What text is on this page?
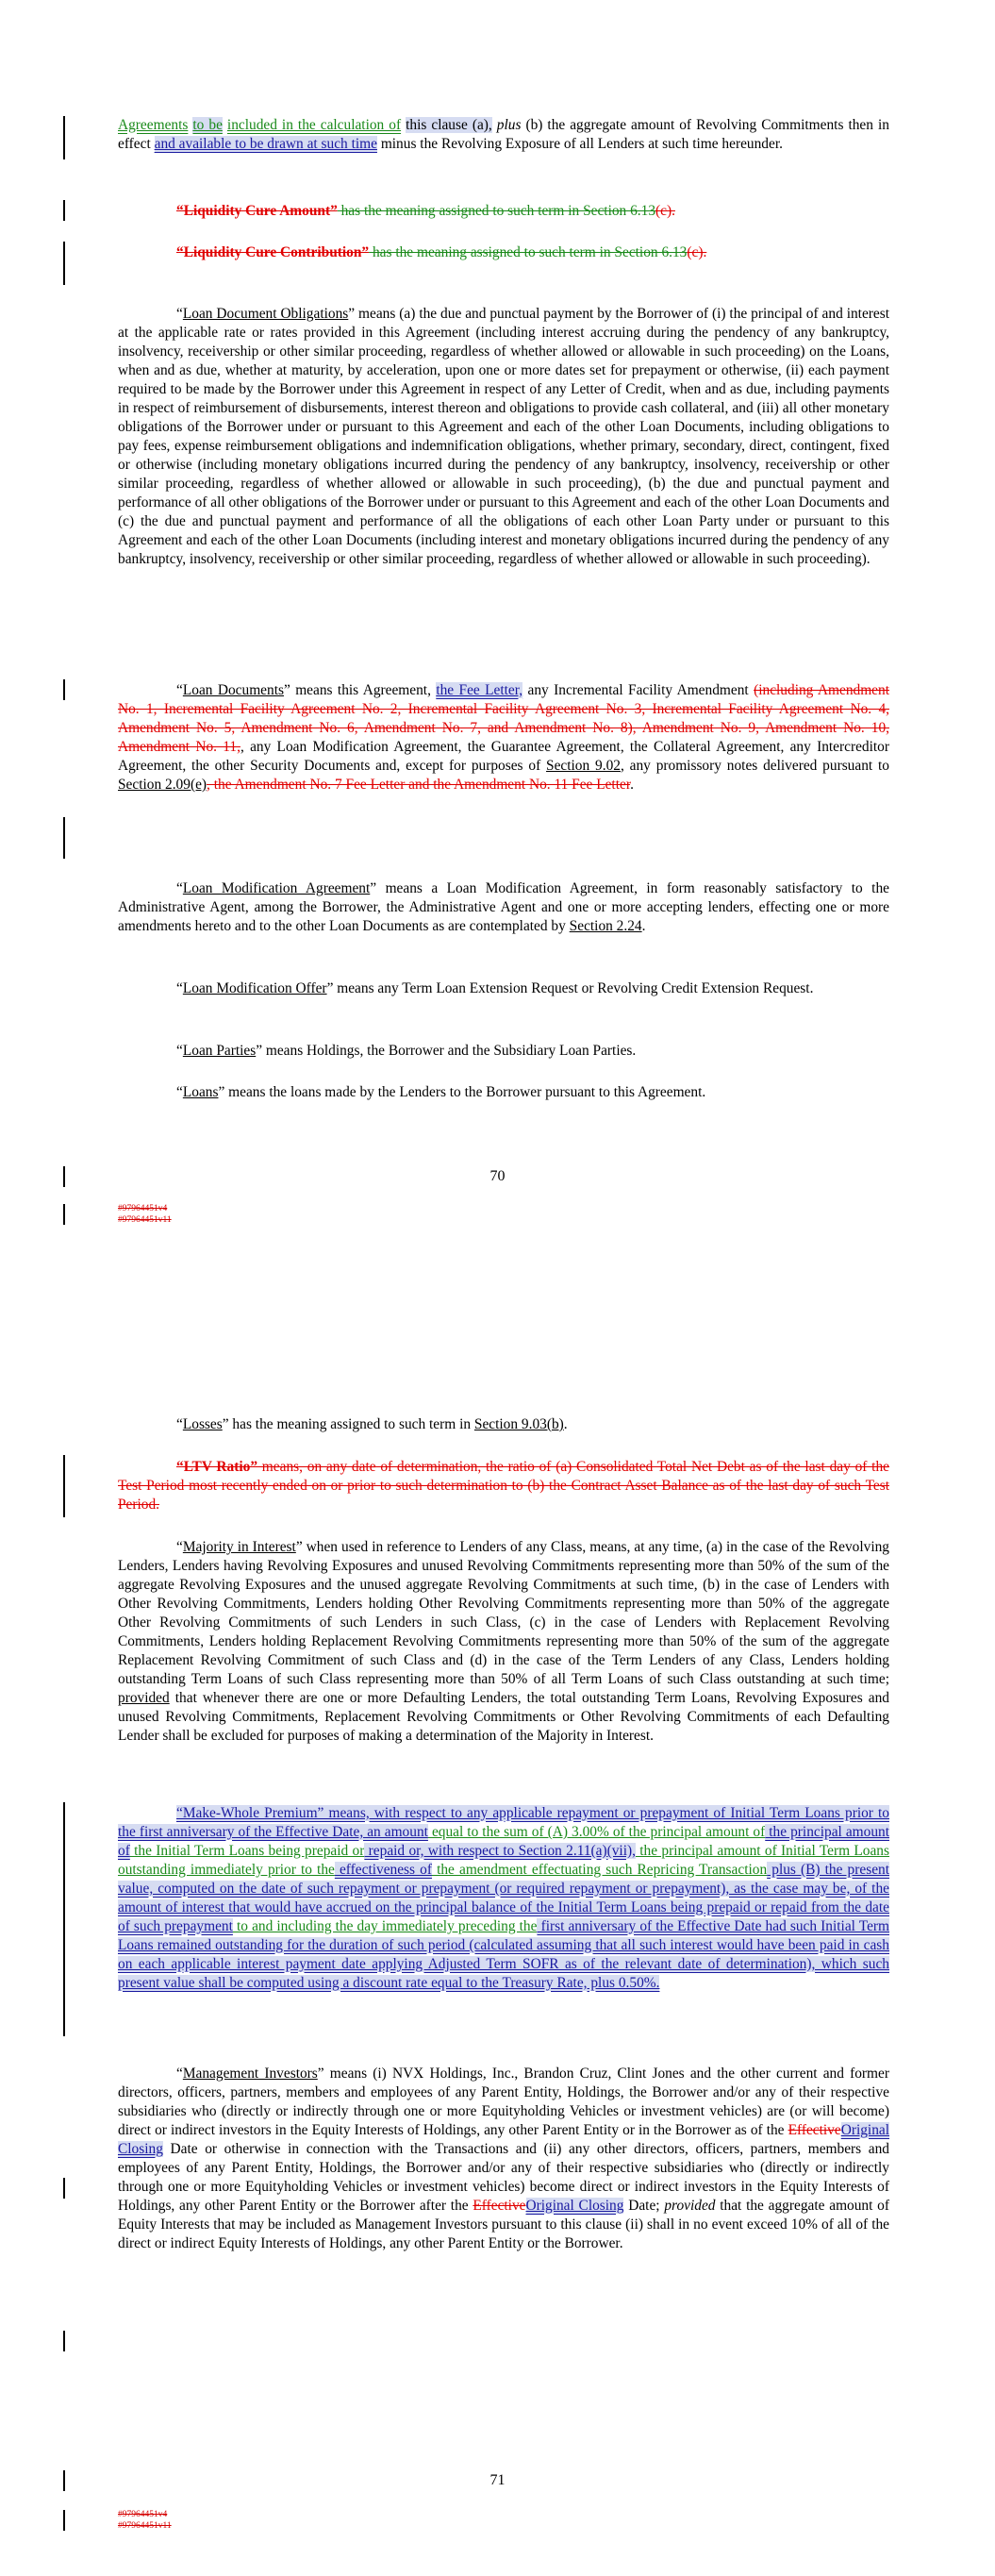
Agreements to be included in the calculation of this clause (a), plus (b) the aggregate amount of Revolving Commitments then in effect and available to be drawn at such time minus the Revolving Exposure of all Lenders at such time hereunder.

“Liquidity Cure Amount” has the meaning assigned to such term in Section 6.13(c).

“Liquidity Cure Contribution” has the meaning assigned to such term in Section 6.13(c).

“Loan Document Obligations” means (a) the due and punctual payment by the Borrower of (i) the principal of and interest at the applicable rate or rates provided in this Agreement (including interest accruing during the pendency of any bankruptcy, insolvency, receivership or other similar proceeding, regardless of whether allowed or allowable in such proceeding) on the Loans, when and as due, whether at maturity, by acceleration, upon one or more dates set for prepayment or otherwise, (ii) each payment required to be made by the Borrower under this Agreement in respect of any Letter of Credit, when and as due, including payments in respect of reimbursement of disbursements, interest thereon and obligations to provide cash collateral, and (iii) all other monetary obligations of the Borrower under or pursuant to this Agreement and each of the other Loan Documents, including obligations to pay fees, expense reimbursement obligations and indemnification obligations, whether primary, secondary, direct, contingent, fixed or otherwise (including monetary obligations incurred during the pendency of any bankruptcy, insolvency, receivership or other similar proceeding, regardless of whether allowed or allowable in such proceeding), (b) the due and punctual payment and performance of all other obligations of the Borrower under or pursuant to this Agreement and each of the other Loan Documents and (c) the due and punctual payment and performance of all the obligations of each other Loan Party under or pursuant to this Agreement and each of the other Loan Documents (including interest and monetary obligations incurred during the pendency of any bankruptcy, insolvency, receivership or other similar proceeding, regardless of whether allowed or allowable in such proceeding).

“Loan Documents” means this Agreement, the Fee Letter, any Incremental Facility Amendment (including Amendment No. 1, Incremental Facility Agreement No. 2, Incremental Facility Agreement No. 3, Incremental Facility Agreement No. 4, Amendment No. 5, Amendment No. 6, Amendment No. 7, and Amendment No. 8), Amendment No. 9, Amendment No. 10, Amendment No. 11,, any Loan Modification Agreement, the Guarantee Agreement, the Collateral Agreement, any Intercreditor Agreement, the other Security Documents and, except for purposes of Section 9.02, any promissory notes delivered pursuant to Section 2.09(e), the Amendment No. 7 Fee Letter and the Amendment No. 11 Fee Letter.

“Loan Modification Agreement” means a Loan Modification Agreement, in form reasonably satisfactory to the Administrative Agent, among the Borrower, the Administrative Agent and one or more accepting lenders, effecting one or more amendments hereto and to the other Loan Documents as are contemplated by Section 2.24.

“Loan Modification Offer” means any Term Loan Extension Request or Revolving Credit Extension Request.

“Loan Parties” means Holdings, the Borrower and the Subsidiary Loan Parties.

“Loans” means the loans made by the Lenders to the Borrower pursuant to this Agreement.

70
#97964451v4
#97964451v11

“Losses” has the meaning assigned to such term in Section 9.03(b).

“LTV Ratio” means, on any date of determination, the ratio of (a) Consolidated Total Net Debt as of the last day of the Test Period most recently ended on or prior to such determination to (b) the Contract Asset Balance as of the last day of such Test Period.

“Majority in Interest” when used in reference to Lenders of any Class, means, at any time, (a) in the case of the Revolving Lenders, Lenders having Revolving Exposures and unused Revolving Commitments representing more than 50% of the sum of the aggregate Revolving Exposures and the unused aggregate Revolving Commitments at such time, (b) in the case of Lenders with Other Revolving Commitments, Lenders holding Other Revolving Commitments representing more than 50% of the aggregate Other Revolving Commitments of such Lenders in such Class, (c) in the case of Lenders with Replacement Revolving Commitments, Lenders holding Replacement Revolving Commitments representing more than 50% of the sum of the aggregate Replacement Revolving Commitment of such Class and (d) in the case of the Term Lenders of any Class, Lenders holding outstanding Term Loans of such Class representing more than 50% of all Term Loans of such Class outstanding at such time; provided that whenever there are one or more Defaulting Lenders, the total outstanding Term Loans, Revolving Exposures and unused Revolving Commitments, Replacement Revolving Commitments or Other Revolving Commitments of each Defaulting Lender shall be excluded for purposes of making a determination of the Majority in Interest.

“Make-Whole Premium” means, with respect to any applicable repayment or prepayment of Initial Term Loans prior to the first anniversary of the Effective Date, an amount equal to the sum of (A) 3.00% of the principal amount of the principal amount of the Initial Term Loans being prepaid or repaid or, with respect to Section 2.11(a)(vii), the principal amount of Initial Term Loans outstanding immediately prior to the effectiveness of the amendment effectuating such Repricing Transaction plus (B) the present value, computed on the date of such repayment or prepayment (or required repayment or prepayment), as the case may be, of the amount of interest that would have accrued on the principal balance of the Initial Term Loans being prepaid or repaid from the date of such prepayment to and including the day immediately preceding the first anniversary of the Effective Date had such Initial Term Loans remained outstanding for the duration of such period (calculated assuming that all such interest would have been paid in cash on each applicable interest payment date applying Adjusted Term SOFR as of the relevant date of determination), which such present value shall be computed using a discount rate equal to the Treasury Rate, plus 0.50%.

“Management Investors” means (i) NVX Holdings, Inc., Brandon Cruz, Clint Jones and the other current and former directors, officers, partners, members and employees of any Parent Entity, Holdings, the Borrower and/or any of their respective subsidiaries who (directly or indirectly through one or more Equityholding Vehicles or investment vehicles) are (or will become) direct or indirect investors in the Equity Interests of Holdings, any other Parent Entity or in the Borrower as of the EffectiveOriginal Closing Date or otherwise in connection with the Transactions and (ii) any other directors, officers, partners, members and employees of any Parent Entity, Holdings, the Borrower and/or any of their respective subsidiaries who (directly or indirectly through one or more Equityholding Vehicles or investment vehicles) become direct or indirect investors in the Equity Interests of Holdings, any other Parent Entity or the Borrower after the EffectiveOriginal Closing Date; provided that the aggregate amount of Equity Interests that may be included as Management Investors pursuant to this clause (ii) shall in no event exceed 10% of all of the direct or indirect Equity Interests of Holdings, any other Parent Entity or the Borrower.

71
#97964451v4
#97964451v11
